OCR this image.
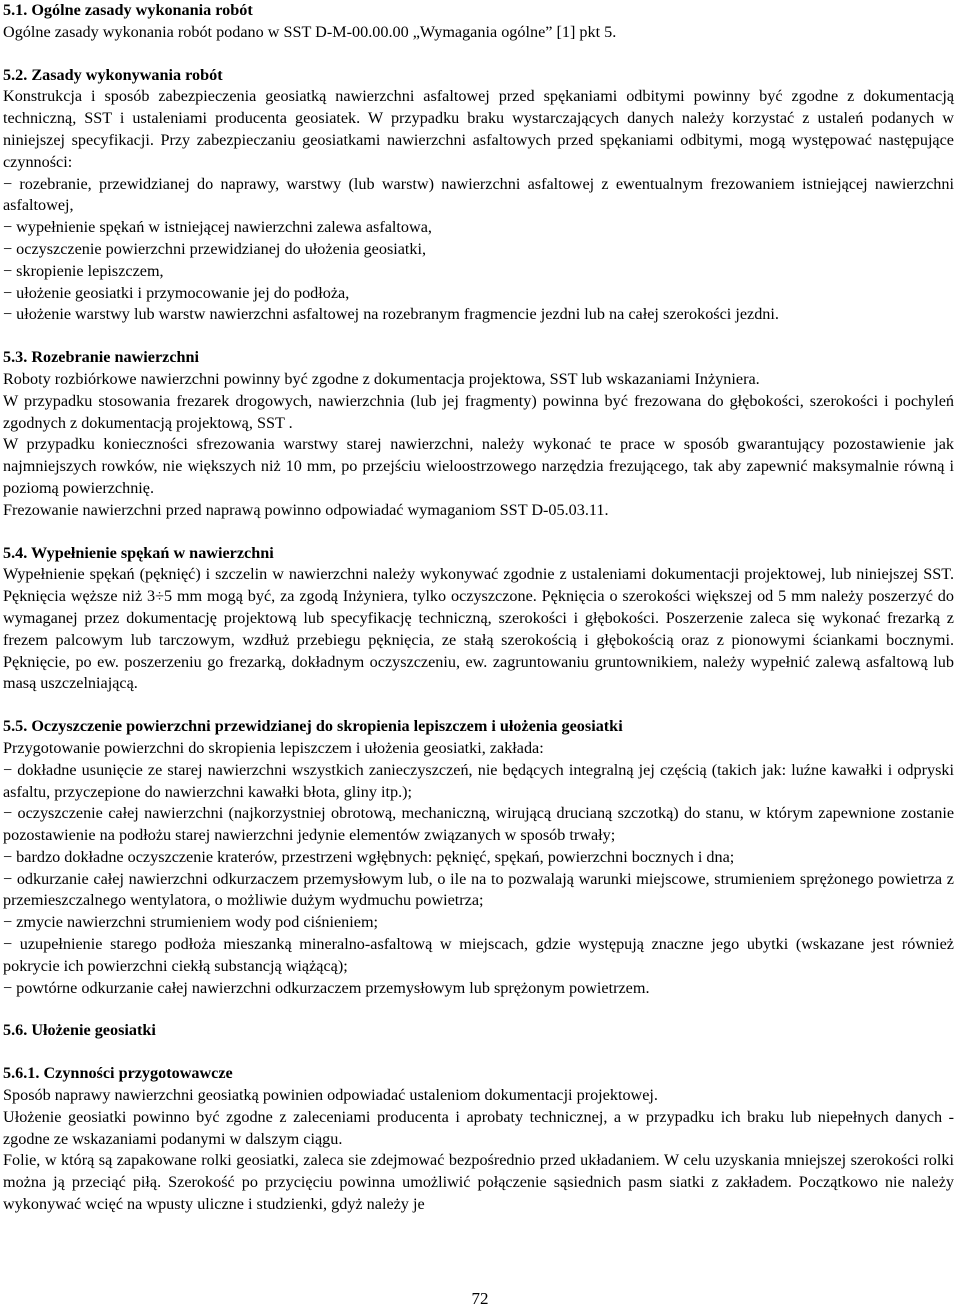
5.1. Ogólne zasady wykonania robót

Ogólne zasady wykonania robót podano w SST D-M-00.00.00 „Wymagania ogólne” [1] pkt 5.

5.2. Zasady wykonywania robót

Konstrukcja i sposób zabezpieczenia geosiatką nawierzchni asfaltowej przed spękaniami odbitymi powinny być zgodne z dokumentacją techniczną, SST i ustaleniami producenta geosiatek. W przypadku braku wystarczających danych należy korzystać z ustaleń podanych w niniejszej specyfikacji. Przy zabezpieczaniu geosiatkami nawierzchni asfaltowych przed spękaniami odbitymi, mogą występować następujące czynności:

− rozebranie, przewidzianej do naprawy, warstwy (lub warstw) nawierzchni asfaltowej z ewentualnym frezowaniem istniejącej nawierzchni asfaltowej,

− wypełnienie spękań w istniejącej nawierzchni zalewa asfaltowa,

− oczyszczenie powierzchni przewidzianej do ułożenia geosiatki,

− skropienie lepiszczem,

− ułożenie geosiatki i przymocowanie jej do podłoża,

− ułożenie warstwy lub warstw nawierzchni asfaltowej na rozebranym fragmencie jezdni lub na całej szerokości jezdni.

5.3. Rozebranie nawierzchni

Roboty rozbiórkowe nawierzchni powinny być zgodne z dokumentacja projektowa, SST lub wskazaniami Inżyniera.

W przypadku stosowania frezarek drogowych, nawierzchnia (lub jej fragmenty) powinna być frezowana do głębokości, szerokości i pochyleń zgodnych z dokumentacją projektową, SST .

W przypadku konieczności sfrezowania warstwy starej nawierzchni, należy wykonać te prace w sposób gwarantujący pozostawienie jak najmniejszych rowków, nie większych niż 10 mm, po przejściu wieloostrzowego narzędzia frezującego, tak aby zapewnić maksymalnie równą i poziomą powierzchnię.

Frezowanie nawierzchni przed naprawą powinno odpowiadać wymaganiom SST D-05.03.11.

5.4. Wypełnienie spękań w nawierzchni

Wypełnienie spękań (pęknięć) i szczelin w nawierzchni należy wykonywać zgodnie z ustaleniami dokumentacji projektowej, lub niniejszej SST. Pęknięcia węższe niż 3÷5 mm mogą być, za zgodą Inżyniera, tylko oczyszczone. Pęknięcia o szerokości większej od 5 mm należy poszerzyć do wymaganej przez dokumentację projektową lub specyfikację techniczną, szerokości i głębokości. Poszerzenie zaleca się wykonać frezarką z frezem palcowym lub tarczowym, wzdłuż przebiegu pęknięcia, ze stałą szerokością i głębokością oraz z pionowymi ściankami bocznymi. Pęknięcie, po ew. poszerzeniu go frezarką, dokładnym oczyszczeniu, ew. zagruntowaniu gruntownikiem, należy wypełnić zalewą asfaltową lub masą uszczelniającą.

5.5. Oczyszczenie powierzchni przewidzianej do skropienia lepiszczem i ułożenia geosiatki

Przygotowanie powierzchni do skropienia lepiszczem i ułożenia geosiatki, zakłada:

− dokładne usunięcie ze starej nawierzchni wszystkich zanieczyszczeń, nie będących integralną jej częścią (takich jak: luźne kawałki i odpryski asfaltu, przyczepione do nawierzchni kawałki błota, gliny itp.);

− oczyszczenie całej nawierzchni (najkorzystniej obrotową, mechaniczną, wirującą drucianą szczotką) do stanu, w którym zapewnione zostanie pozostawienie na podłożu starej nawierzchni jedynie elementów związanych w sposób trwały;

− bardzo dokładne oczyszczenie kraterów, przestrzeni wgłębnych: pęknięć, spękań, powierzchni bocznych i dna;

− odkurzanie całej nawierzchni odkurzaczem przemysłowym lub, o ile na to pozwalają warunki miejscowe, strumieniem sprężonego powietrza z przemieszczalnego wentylatora, o możliwie dużym wydmuchu powietrza;

− zmycie nawierzchni strumieniem wody pod ciśnieniem;

− uzupełnienie starego podłoża mieszanką mineralno-asfaltową w miejscach, gdzie występują znaczne jego ubytki (wskazane jest również pokrycie ich powierzchni ciekłą substancją wiążącą);

− powtórne odkurzanie całej nawierzchni odkurzaczem przemysłowym lub sprężonym powietrzem.

5.6. Ułożenie geosiatki
5.6.1. Czynności przygotowawcze

Sposób naprawy nawierzchni geosiatką powinien odpowiadać ustaleniom dokumentacji projektowej.

Ułożenie geosiatki powinno być zgodne z zaleceniami producenta i aprobaty technicznej, a w przypadku ich braku lub niepełnych danych - zgodne ze wskazaniami podanymi w dalszym ciągu.

Folie, w którą są zapakowane rolki geosiatki, zaleca sie zdejmować bezpośrednio przed układaniem. W celu uzyskania mniejszej szerokości rolki można ją przeciąć piłą. Szerokość po przycięciu powinna umożliwić połączenie sąsiednich pasm siatki z zakładem. Początkowo nie należy wykonywać wcięć na wpusty uliczne i studzienki, gdyż należy je

72
